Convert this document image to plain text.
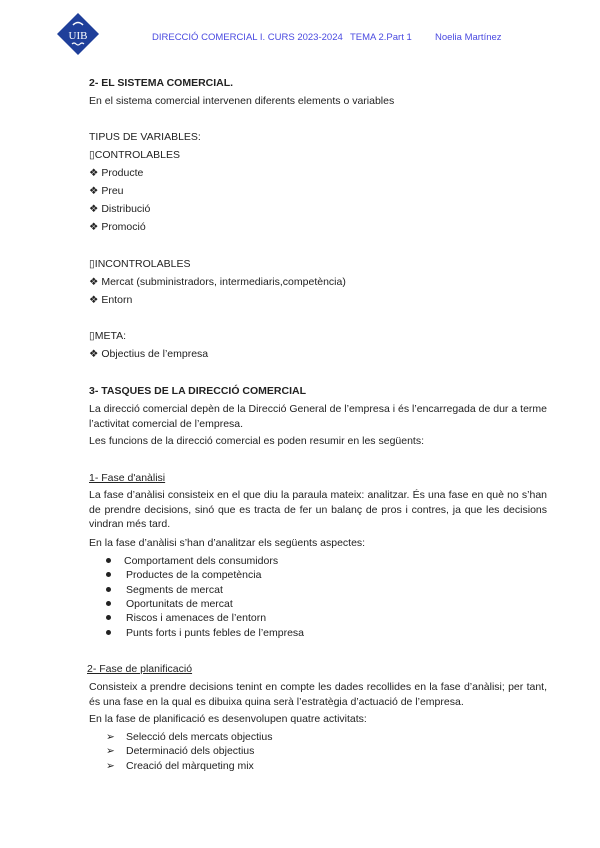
UIB	DIRECCIÓ COMERCIAL I. CURS 2023-2024 TEMA 2.Part 1 Noelia Martínez
2- EL SISTEMA COMERCIAL.
En el sistema comercial intervenen diferents elements o variables
TIPUS DE VARIABLES:
▯CONTROLABLES
❖ Producte
❖ Preu
❖ Distribució
❖ Promoció
▯INCONTROLABLES
❖ Mercat (subministradors, intermediaris,competència)
❖ Entorn
▯META:
❖ Objectius de l’empresa
3- TASQUES DE LA DIRECCIÓ COMERCIAL
La direcció comercial depèn de la Direcció General de l’empresa i és l’encarregada de dur a terme l’activitat comercial de l’empresa.
Les funcions de la direcció comercial es poden resumir en les següents:
1- Fase d'anàlisi
La fase d’anàlisi consisteix en el que diu la paraula mateix: analitzar. És una fase en què no s’han de prendre decisions, sinó que es tracta de fer un balanç de pros i contres, ja que les decisions vindran més tard.
En la fase d’anàlisi s’han d’analitzar els següents aspectes:
Comportament dels consumidors
Productes de la competència
Segments de mercat
Oportunitats de mercat
Riscos i amenaces de l’entorn
Punts forts i punts febles de l’empresa
2- Fase de planificació
Consisteix a prendre decisions tenint en compte les dades recollides en la fase d’anàlisi; per tant, és una fase en la qual es dibuixa quina serà l’estratègia d’actuació de l’empresa.
En la fase de planificació es desenvolupen quatre activitats:
➢ Selecció dels mercats objectius
➢ Determinació dels objectius
➢ Creació del màrqueting mix
